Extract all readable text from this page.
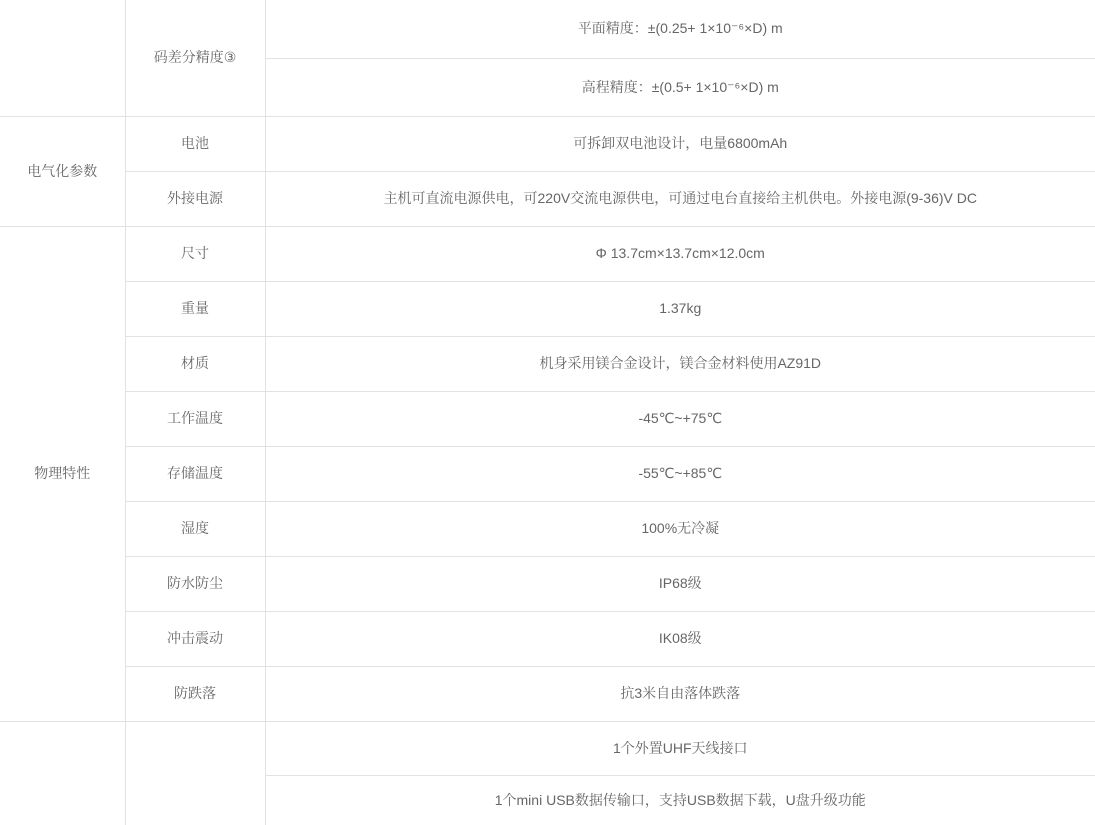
	码差分精度③	平面精度：±(0.25+ 1×10⁻⁶×D) m
		高程精度：±(0.5+ 1×10⁻⁶×D) m
电气化参数	电池	可拆卸双电池设计，电量6800mAh
	外接电源	主机可直流电源供电，可220V交流电源供电，可通过电台直接给主机供电。外接电源(9-36)V DC
物理特性	尺寸	Φ 13.7cm×13.7cm×12.0cm
	重量	1.37kg
	材质	机身采用镁合金设计，镁合金材料使用AZ91D
	工作温度	-45℃~+75℃
	存储温度	-55℃~+85℃
	湿度	100%无冷凝
	防水防尘	IP68级
	冲击震动	IK08级
	防跌落	抗3米自由落体跌落
		1个外置UHF天线接口
		1个mini USB数据传输口，支持USB数据下载，U盘升级功能
